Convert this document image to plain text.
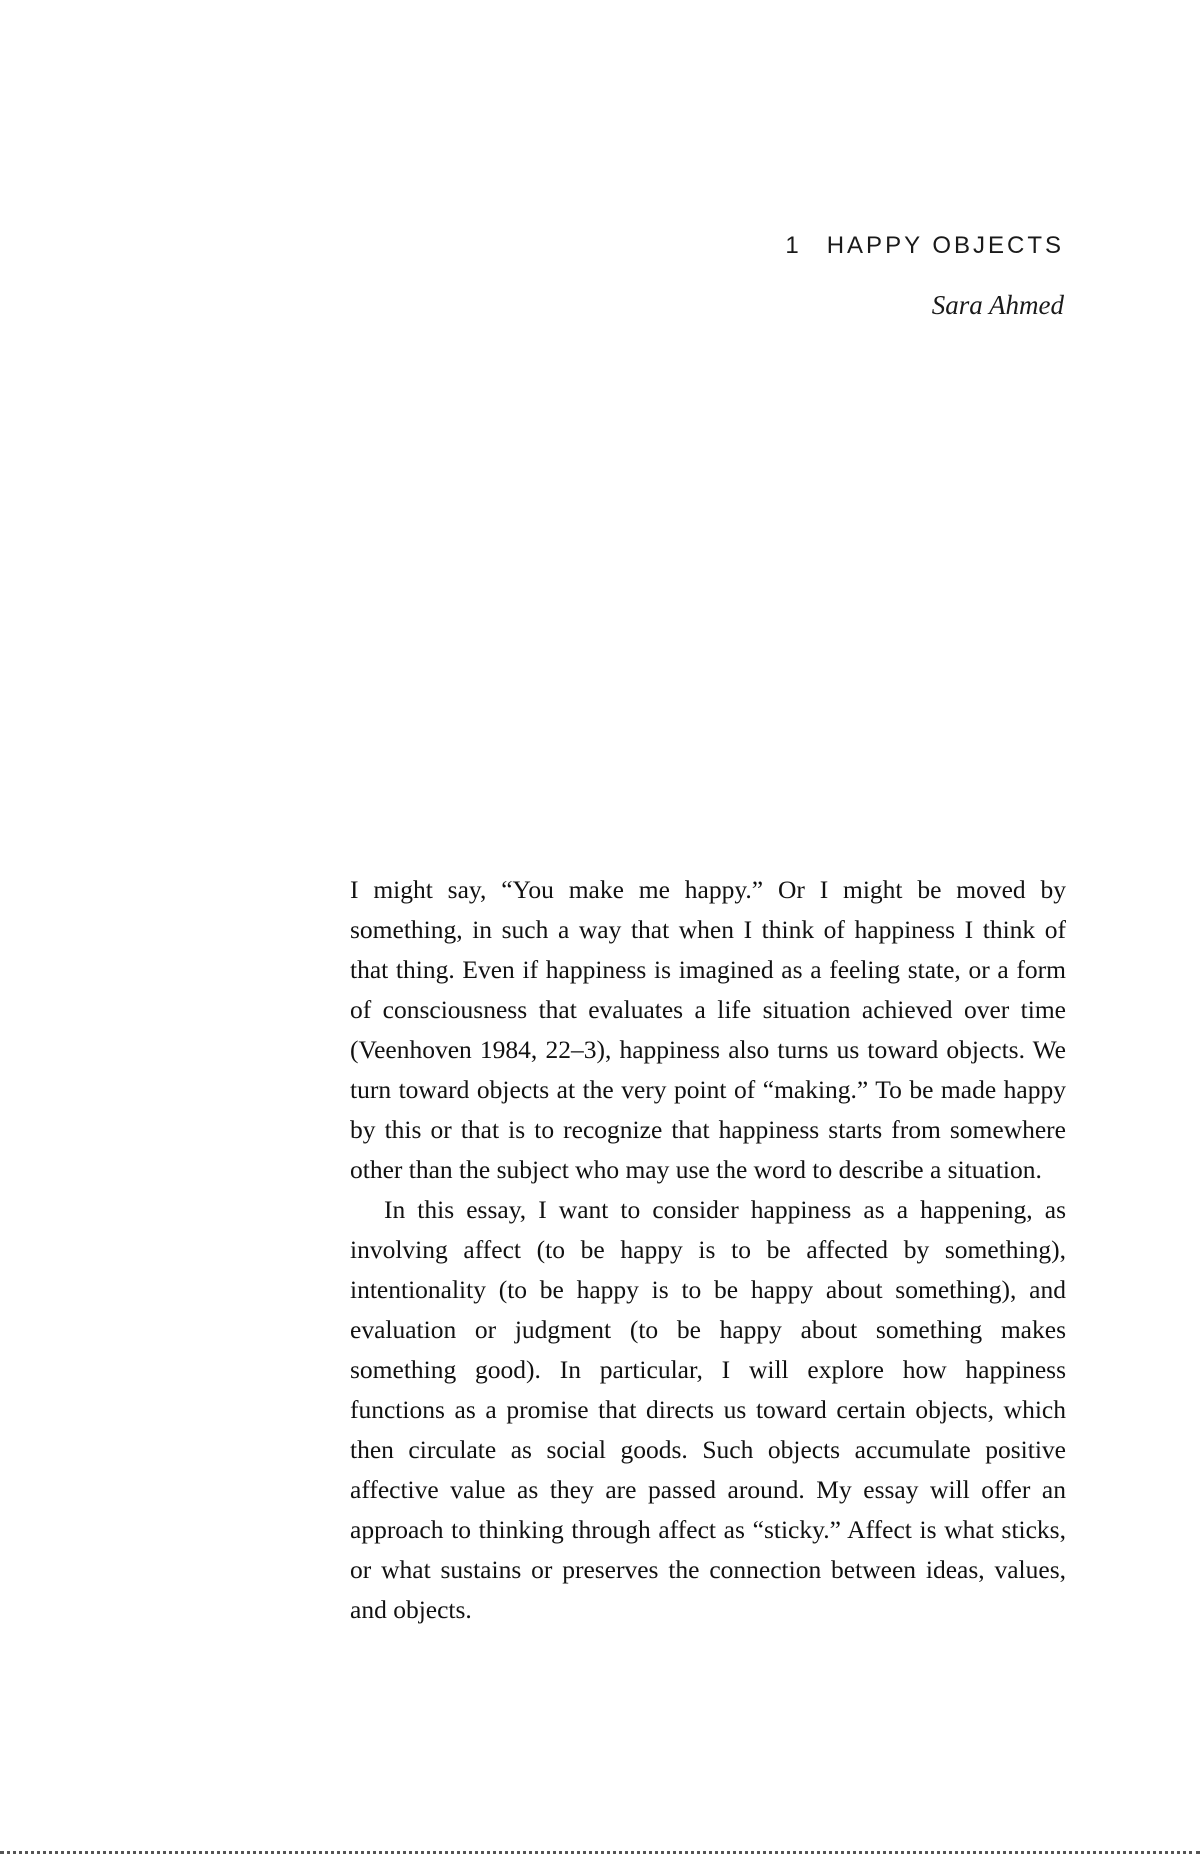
1 HAPPY OBJECTS
Sara Ahmed

I might say, “You make me happy.” Or I might be moved by something, in such a way that when I think of happiness I think of that thing. Even if happiness is imagined as a feeling state, or a form of consciousness that evaluates a life situation achieved over time (Veenhoven 1984, 22–3), happiness also turns us toward objects. We turn toward objects at the very point of “making.” To be made happy by this or that is to recognize that happiness starts from somewhere other than the subject who may use the word to describe a situation.

In this essay, I want to consider happiness as a happening, as involving affect (to be happy is to be affected by something), intentionality (to be happy is to be happy about something), and evaluation or judgment (to be happy about something makes something good). In particular, I will explore how happiness functions as a promise that directs us toward certain objects, which then circulate as social goods. Such objects accumulate positive affective value as they are passed around. My essay will offer an approach to thinking through affect as “sticky.” Affect is what sticks, or what sustains or preserves the connection between ideas, values, and objects.
